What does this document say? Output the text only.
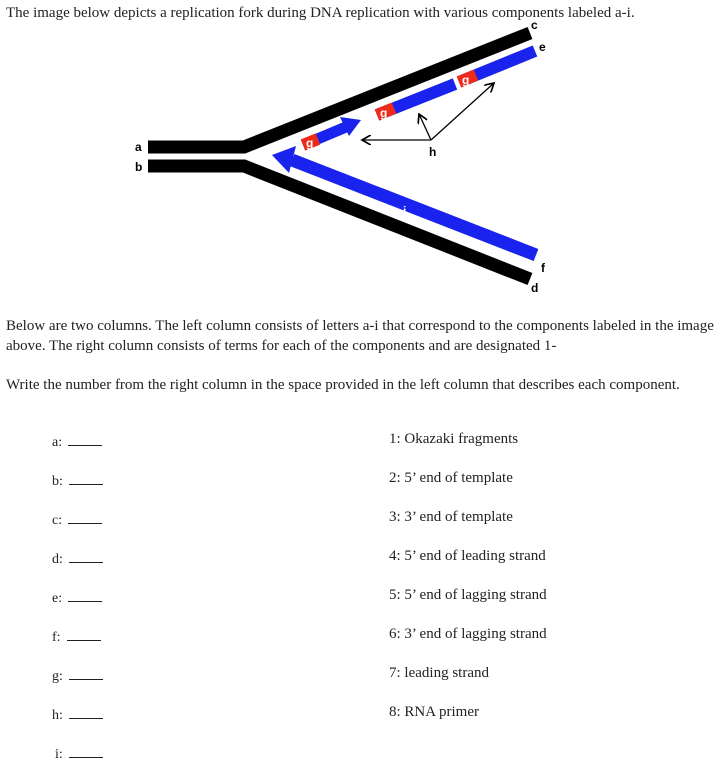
The image below depicts a replication fork during DNA replication with various components labeled a-i.
a
b
c
d
e
f
h
i
g
g
g
Below are two columns. The left column consists of letters a-i that correspond to the components labeled in the image above. The right column consists of terms for each of the components and are designated 1-
Write the number from the right column in the space provided in the left column that describes each component.
a:
b:
c:
d:
e:
f:
g:
h:
i:
1: Okazaki fragments
2: 5’ end of template
3: 3’ end of template
4: 5’ end of leading strand
5: 5’ end of lagging strand
6: 3’ end of lagging strand
7: leading strand
8: RNA primer
